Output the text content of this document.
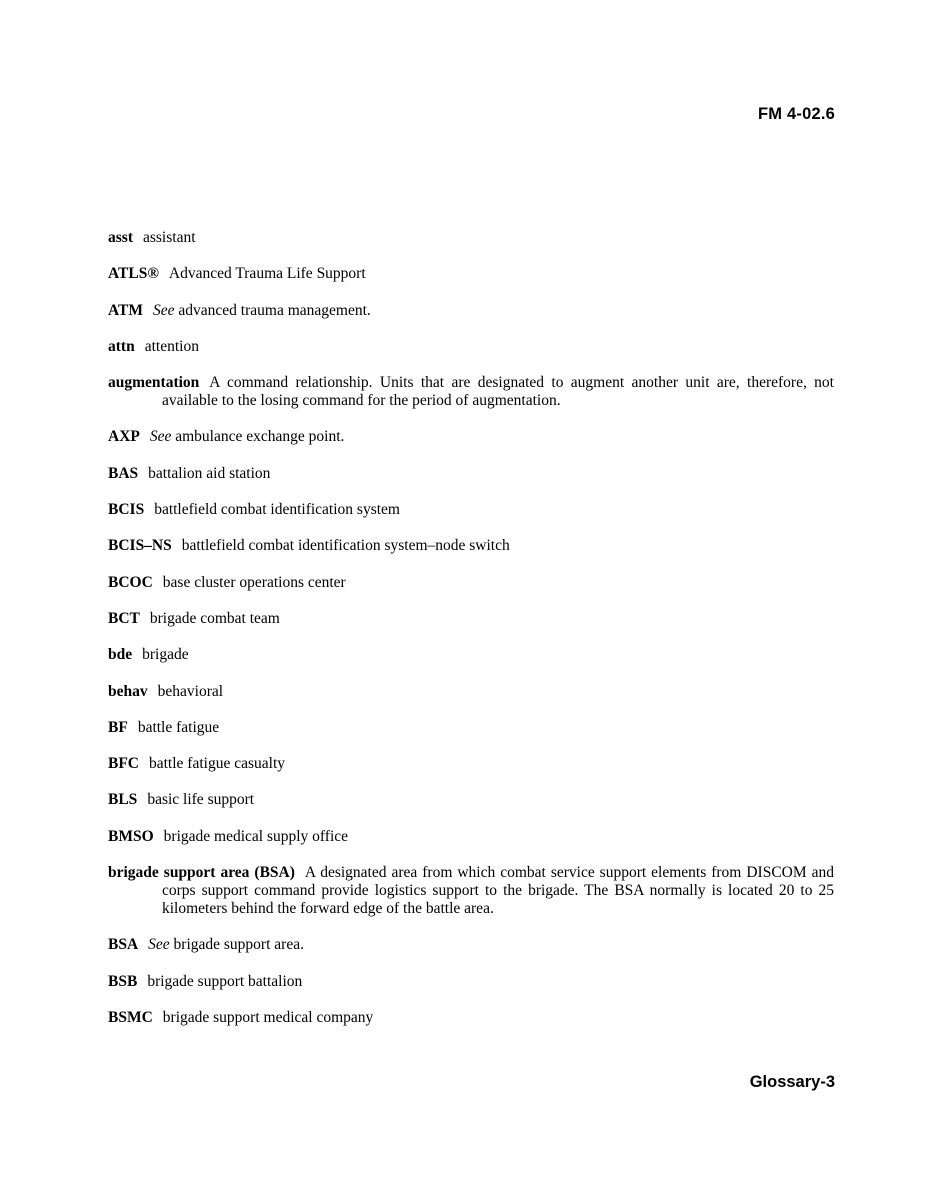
FM 4-02.6

asst assistant

ATLS® Advanced Trauma Life Support

ATM See advanced trauma management.

attn attention

augmentation A command relationship. Units that are designated to augment another unit are, therefore, not available to the losing command for the period of augmentation.

AXP See ambulance exchange point.

BAS battalion aid station

BCIS battlefield combat identification system

BCIS–NS battlefield combat identification system–node switch

BCOC base cluster operations center

BCT brigade combat team

bde brigade

behav behavioral

BF battle fatigue

BFC battle fatigue casualty

BLS basic life support

BMSO brigade medical supply office

brigade support area (BSA) A designated area from which combat service support elements from DISCOM and corps support command provide logistics support to the brigade. The BSA normally is located 20 to 25 kilometers behind the forward edge of the battle area.

BSA See brigade support area.

BSB brigade support battalion

BSMC brigade support medical company

Glossary-3
